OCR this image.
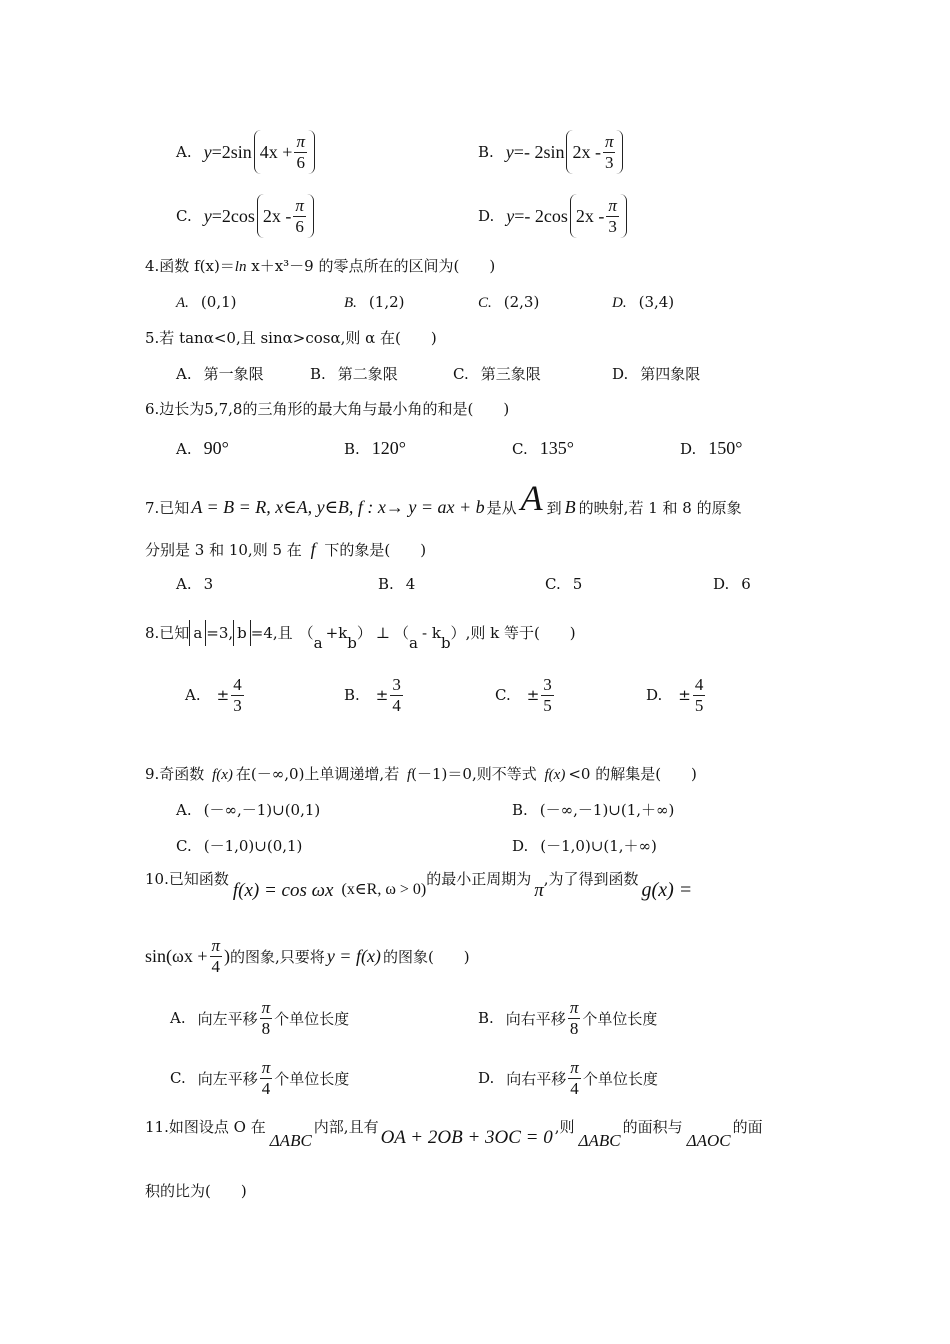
A. y =2sin $4x + \frac{\pi}{6}$	B. y =- 2sin $2x - \frac{\pi}{3}$
C. y =2cos $2x - \frac{\pi}{6}$	D. y =- 2cos $2x - \frac{\pi}{3}$
4.函数 f(x)＝ln x＋x³－9 的零点所在的区间为(　　)
A. (0,1)	B. (1,2)	C. (2,3)	D. (3,4)
5.若 tanα<0,且 sinα>cosα,则 α 在(　　)
A. 第一象限	B. 第二象限	C. 第三象限	D. 第四象限
6.边长为5,7,8的三角形的最大角与最小角的和是(　　)
A. 90°	B. 120°	C. 135°	D. 150°
7.已知 A = B = R, x∈A, y∈B, f : x→ y = ax + b 是从 A 到 B 的映射,若 1 和 8 的原象
分别是 3 和 10,则 5 在 f 下的象是(　　)
A. 3	B. 4	C. 5	D. 6
8.已知 a =3, b =4,且 （
a
+k
b
） ⊥ （
a
- k
b
） ,则 k 等于(　　)
A. ± $\frac{4}{3}$	B. ± $\frac{3}{4}$	C. ± $\frac{3}{5}$	D. ± $\frac{4}{5}$
9.奇函数 f(x) 在(－∞,0)上单调递增,若 f(－1)＝0,则不等式 f(x) <0 的解集是(　　)
A. (－∞,－1)∪(0,1)	B. (－∞,－1)∪(1,＋∞)
C. (－1,0)∪(0,1)	D. (－1,0)∪(1,＋∞)
10.已知函数
f(x) = cos ωx (x∈R, ω > 0)
的最小正周期为
π
,为了得到函数 g(x) =
$\sin(\omega x + \frac{\pi}{4}$ ) 的图象,只要将 y = f(x) 的图象(　　)
A. 向左平移 $\frac{\pi}{8}$ 个单位长度	B. 向右平移 $\frac{\pi}{8}$ 个单位长度
C. 向左平移 $\frac{\pi}{4}$ 个单位长度	D. 向右平移 $\frac{\pi}{4}$ 个单位长度
11.如图设点 O 在
ΔABC
内部,且有 OA + 2OB + 3OC = 0 ,则
ΔABC
的面积与
ΔAOC
的面
积的比为(　　)
